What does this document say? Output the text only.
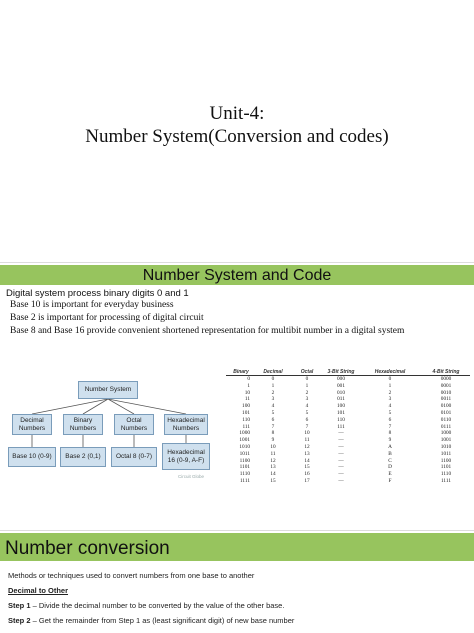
Unit-4:
Number System(Conversion and codes)
Number System and Code
Digital system process binary digits 0 and 1
Base 10 is important for everyday business
Base 2 is important for processing of digital circuit
Base 8 and Base 16 provide convenient shortened representation for multibit number in a digital system
Number System
Decimal Numbers
Binary Numbers
Octal Numbers
Hexadecimal Numbers
Base 10 (0-9)	Base 2 (0,1)	Octal 8 (0-7)
Hexadecimal 16 (0-9, A-F)
Circuit Globe
Binary	Decimal	Octal	3-Bit String	Hexadecimal	4-Bit String
0	0	0	000	0	0000
1	1	1	001	1	0001
10	2	2	010	2	0010
11	3	3	011	3	0011
100	4	4	100	4	0100
101	5	5	101	5	0101
110	6	6	110	6	0110
111	7	7	111	7	0111
1000	8	10	—	8	1000
1001	9	11	—	9	1001
1010	10	12	—	A	1010
1011	11	13	—	B	1011
1100	12	14	—	C	1100
1101	13	15	—	D	1101
1110	14	16	—	E	1110
1111	15	17	—	F	1111
Number conversion
Methods or techniques used to convert numbers from one base to another
Decimal to Other
Step 1 – Divide the decimal number to be converted by the value of the other base.
Step 2 – Get the remainder from Step 1 as (least significant digit) of new base number
